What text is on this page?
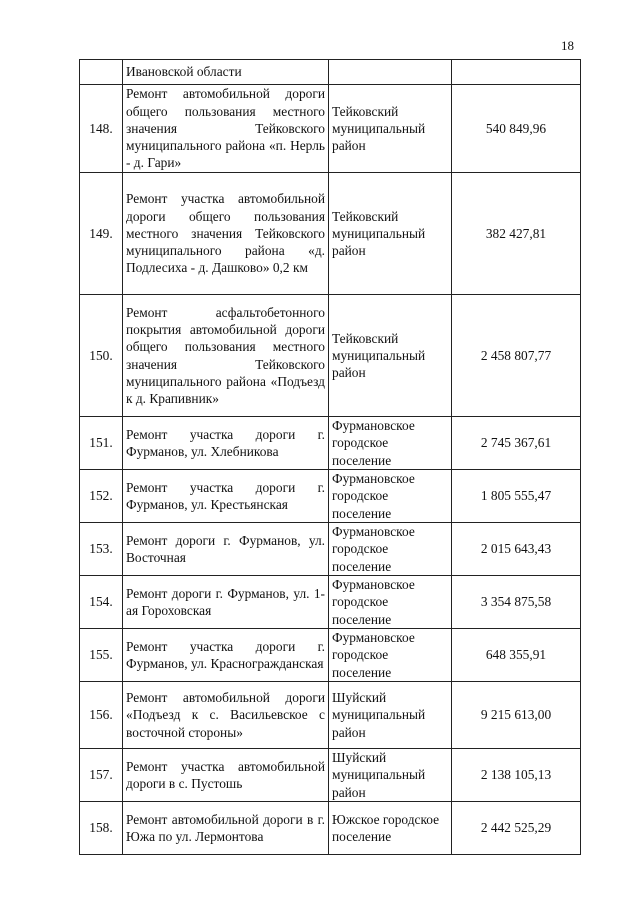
18
	Ивановской области		
148.	Ремонт автомобильной дороги общего пользования местного значения Тейковского муниципального района «п. Нерль - д. Гари»	Тейковский муниципальный район	540 849,96
149.	Ремонт участка автомобильной дороги общего пользования местного значения Тейковского муниципального района «д. Подлесиха - д. Дашково» 0,2 км	Тейковский муниципальный район	382 427,81
150.	Ремонт асфальтобетонного покрытия автомобильной дороги общего пользования местного значения Тейковского муниципального района «Подъезд к д. Крапивник»	Тейковский муниципальный район	2 458 807,77
151.	Ремонт участка дороги г. Фурманов, ул. Хлебникова	Фурмановское городское поселение	2 745 367,61
152.	Ремонт участка дороги г. Фурманов, ул. Крестьянская	Фурмановское городское поселение	1 805 555,47
153.	Ремонт дороги г. Фурманов, ул. Восточная	Фурмановское городское поселение	2 015 643,43
154.	Ремонт дороги г. Фурманов, ул. 1-ая Гороховская	Фурмановское городское поселение	3 354 875,58
155.	Ремонт участка дороги г. Фурманов, ул. Красногражданская	Фурмановское городское поселение	648 355,91
156.	Ремонт автомобильной дороги «Подъезд к с. Васильевское с восточной стороны»	Шуйский муниципальный район	9 215 613,00
157.	Ремонт участка автомобильной дороги в с. Пустошь	Шуйский муниципальный район	2 138 105,13
158.	Ремонт автомобильной дороги в г. Южа по ул. Лермонтова	Южское городское поселение	2 442 525,29
